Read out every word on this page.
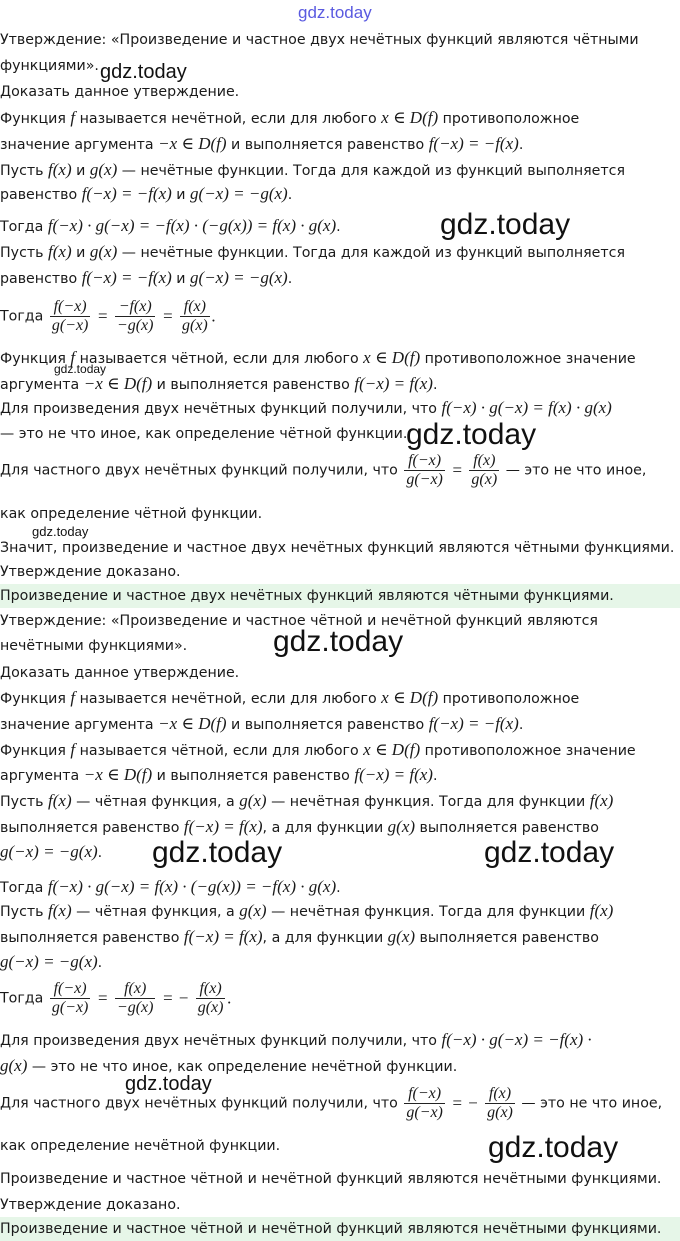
gdz.today
gdz.today
gdz.today
gdz.today
gdz.today
gdz.today
gdz.today
gdz.today	gdz.today
gdz.today
gdz.today
Утверждение: «Произведение и частное двух нечётных функций являются чётными
функциями».
Доказать данное утверждение.
Функция f называется нечётной, если для любого x ∈ D(f) противоположное
значение аргумента −x ∈ D(f) и выполняется равенство f(−x) = −f(x).
Пусть f(x) и g(x) — нечётные функции. Тогда для каждой из функций выполняется
равенство f(−x) = −f(x) и g(−x) = −g(x).
Тогда f(−x) · g(−x) = −f(x) · (−g(x)) = f(x) · g(x).
Пусть f(x) и g(x) — нечётные функции. Тогда для каждой из функций выполняется
равенство f(−x) = −f(x) и g(−x) = −g(x).
Тогда $\frac{f(-x)}{g(-x)} = \frac{-f(x)}{-g(x)} = \frac{f(x)}{g(x)}$ .
Функция f называется чётной, если для любого x ∈ D(f) противоположное значение
аргумента −x ∈ D(f) и выполняется равенство f(−x) = f(x).
Для произведения двух нечётных функций получили, что f(−x) · g(−x) = f(x) · g(x)
— это не что иное, как определение чётной функции.
Для частного двух нечётных функций получили, что $\frac{f(-x)}{g(-x)} = \frac{f(x)}{g(x)}$ — это не что иное,
как определение чётной функции.
Значит, произведение и частное двух нечётных функций являются чётными функциями.
Утверждение доказано.
Произведение и частное двух нечётных функций являются чётными функциями.
Утверждение: «Произведение и частное чётной и нечётной функций являются
нечётными функциями».
Доказать данное утверждение.
Функция f называется нечётной, если для любого x ∈ D(f) противоположное
значение аргумента −x ∈ D(f) и выполняется равенство f(−x) = −f(x).
Функция f называется чётной, если для любого x ∈ D(f) противоположное значение
аргумента −x ∈ D(f) и выполняется равенство f(−x) = f(x).
Пусть f(x) — чётная функция, а g(x) — нечётная функция. Тогда для функции f(x)
выполняется равенство f(−x) = f(x), а для функции g(x) выполняется равенство
g(−x) = −g(x).
Тогда f(−x) · g(−x) = f(x) · (−g(x)) = −f(x) · g(x).
Пусть f(x) — чётная функция, а g(x) — нечётная функция. Тогда для функции f(x)
выполняется равенство f(−x) = f(x), а для функции g(x) выполняется равенство
g(−x) = −g(x).
Тогда $\frac{f(-x)}{g(-x)} = \frac{f(x)}{-g(x)}$ = − $\frac{f(x)}{g(x)}$ .
Для произведения двух нечётных функций получили, что f(−x) · g(−x) = −f(x) ·
g(x) — это не что иное, как определение нечётной функции.
Для частного двух нечётных функций получили, что $\frac{f(-x)}{g(-x)}$ = − $\frac{f(x)}{g(x)}$ — это не что иное,
как определение нечётной функции.
Произведение и частное чётной и нечётной функций являются нечётными функциями.
Утверждение доказано.
Произведение и частное чётной и нечётной функций являются нечётными функциями.
